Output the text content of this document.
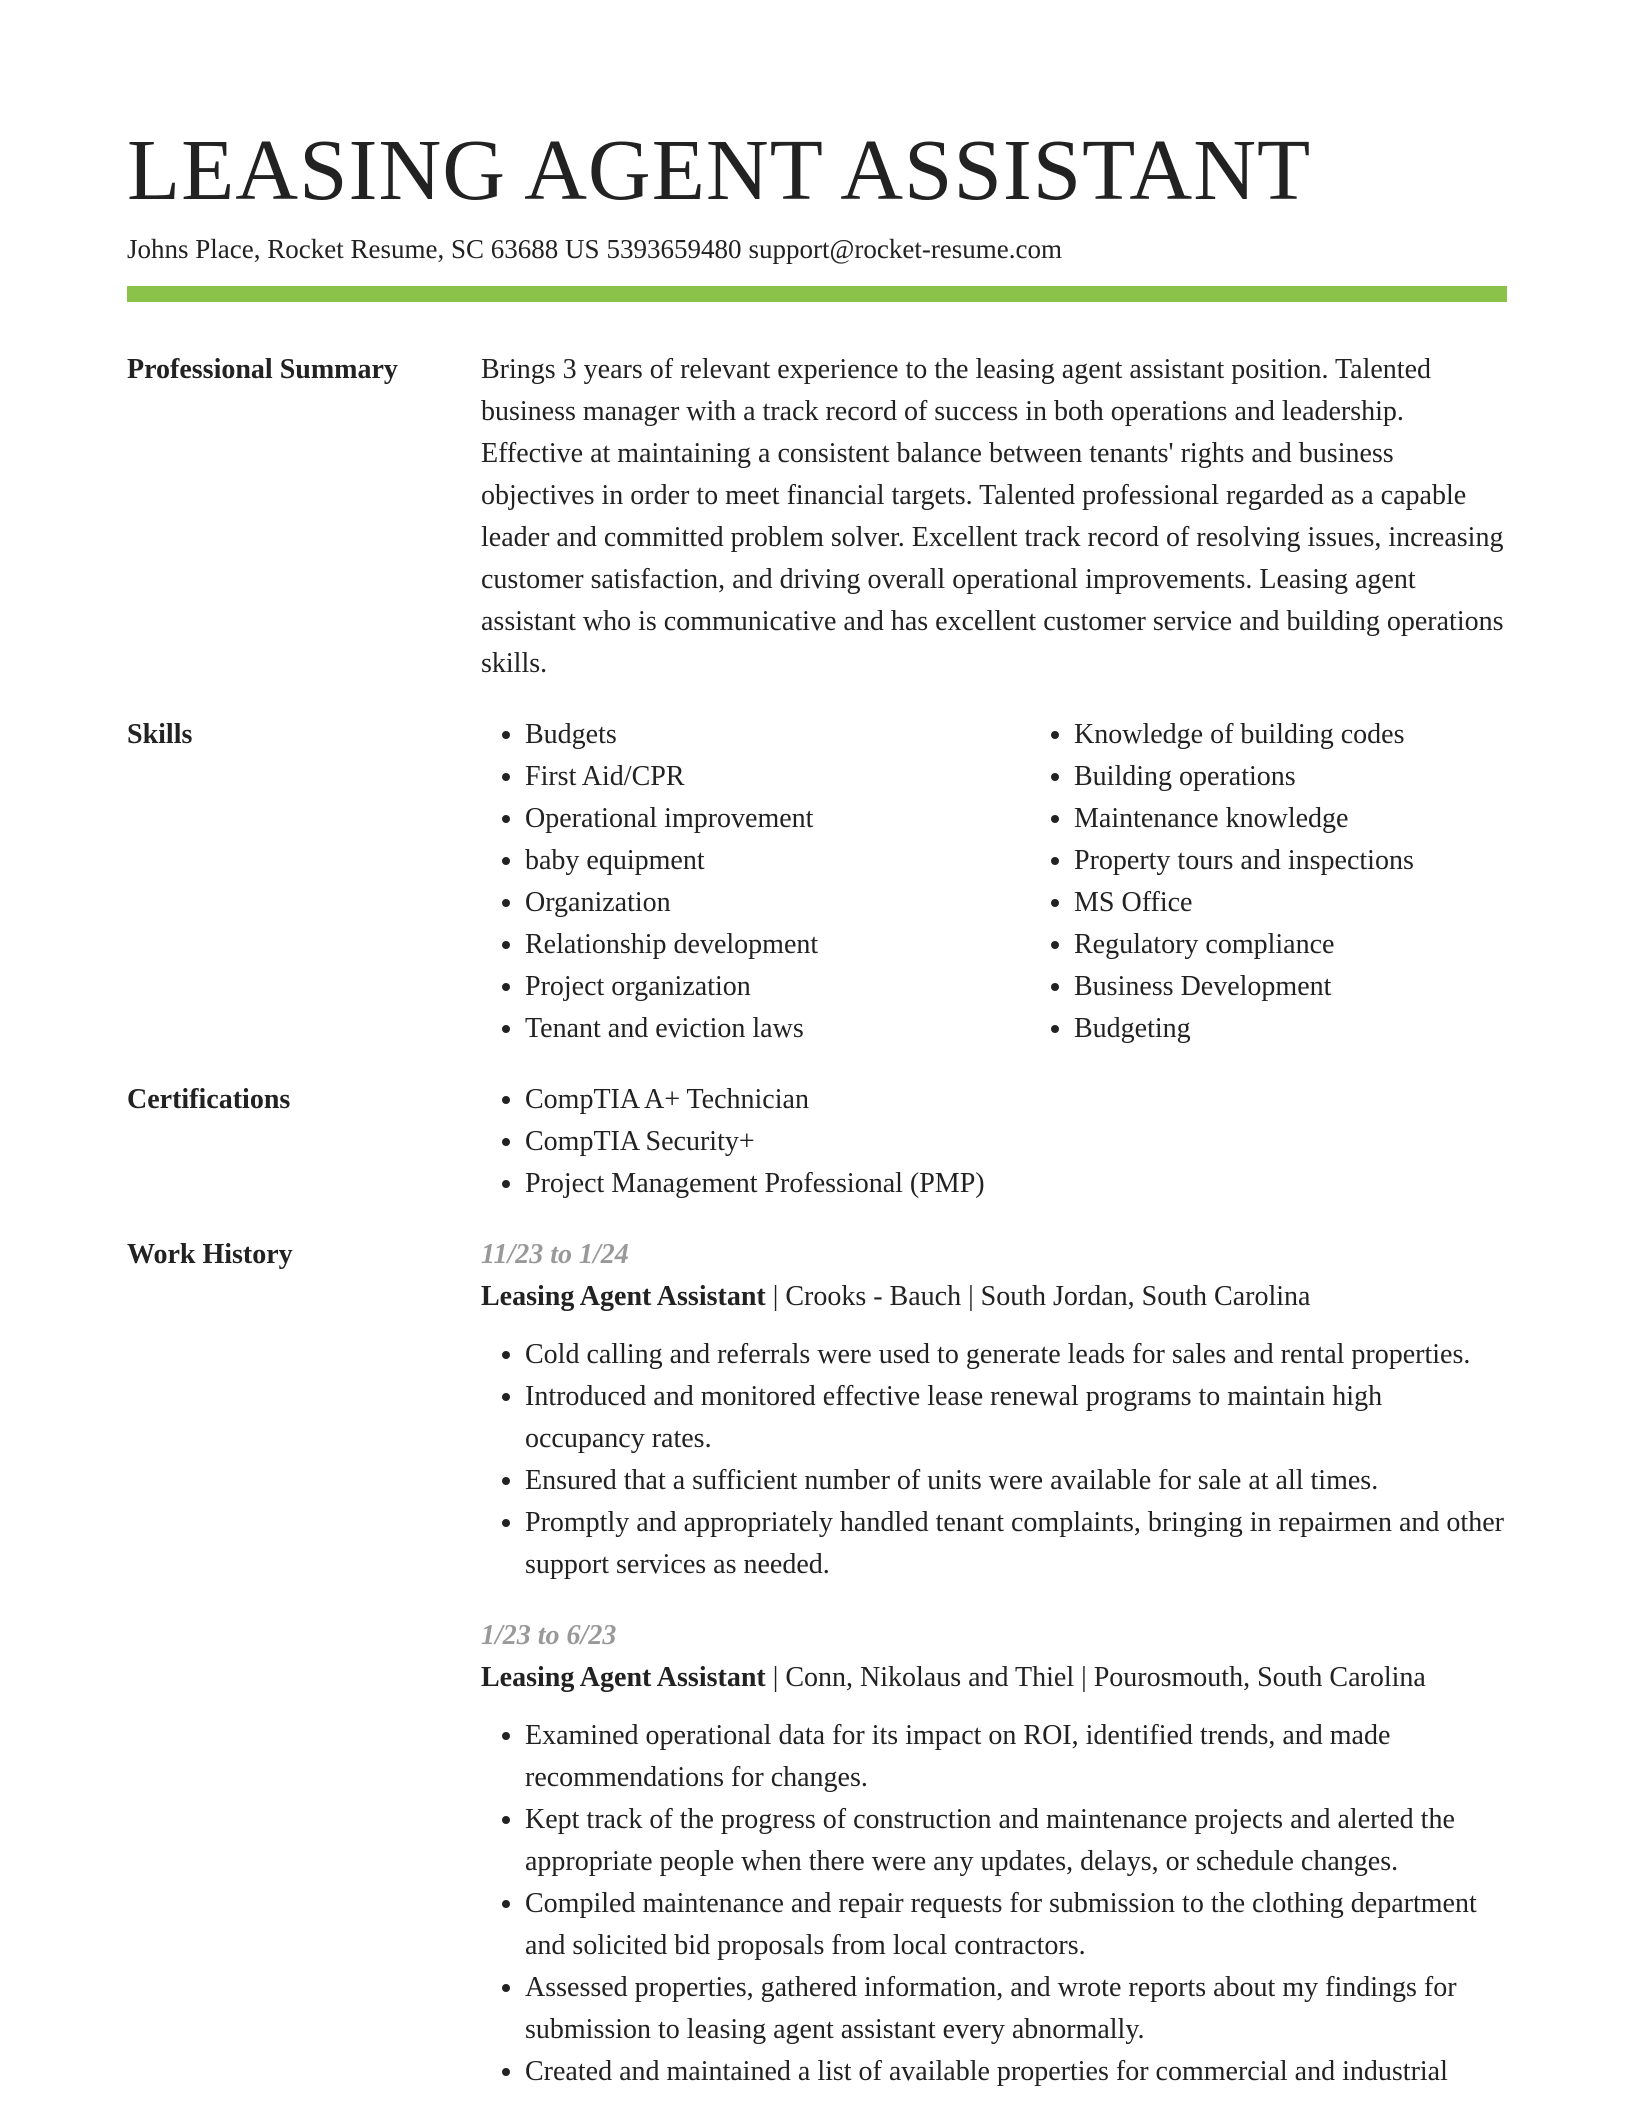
LEASING AGENT ASSISTANT
Johns Place, Rocket Resume, SC 63688 US 5393659480 support@rocket-resume.com
Professional Summary	Brings 3 years of relevant experience to the leasing agent assistant position. Talented business manager with a track record of success in both operations and leadership. Effective at maintaining a consistent balance between tenants' rights and business objectives in order to meet financial targets. Talented professional regarded as a capable leader and committed problem solver. Excellent track record of resolving issues, increasing customer satisfaction, and driving overall operational improvements. Leasing agent assistant who is communicative and has excellent customer service and building operations skills.

Skills	• Budgets
• First Aid/CPR
• Operational improvement
• baby equipment
• Organization
• Relationship development
• Project organization
• Tenant and eviction laws
• Knowledge of building codes
• Building operations
• Maintenance knowledge
• Property tours and inspections
• MS Office
• Regulatory compliance
• Business Development
• Budgeting
Certifications	• CompTIA A+ Technician
• CompTIA Security+
• Project Management Professional (PMP)
Work History	11/23 to 1/24
Leasing Agent Assistant | Crooks - Bauch | South Jordan, South Carolina
• Cold calling and referrals were used to generate leads for sales and rental properties.
• Introduced and monitored effective lease renewal programs to maintain high occupancy rates.
• Ensured that a sufficient number of units were available for sale at all times.
• Promptly and appropriately handled tenant complaints, bringing in repairmen and other support services as needed.
1/23 to 6/23
Leasing Agent Assistant | Conn, Nikolaus and Thiel | Pourosmouth, South Carolina
• Examined operational data for its impact on ROI, identified trends, and made recommendations for changes.
• Kept track of the progress of construction and maintenance projects and alerted the appropriate people when there were any updates, delays, or schedule changes.
• Compiled maintenance and repair requests for submission to the clothing department and solicited bid proposals from local contractors.
• Assessed properties, gathered information, and wrote reports about my findings for submission to leasing agent assistant every abnormally.
• Created and maintained a list of available properties for commercial and industrial
